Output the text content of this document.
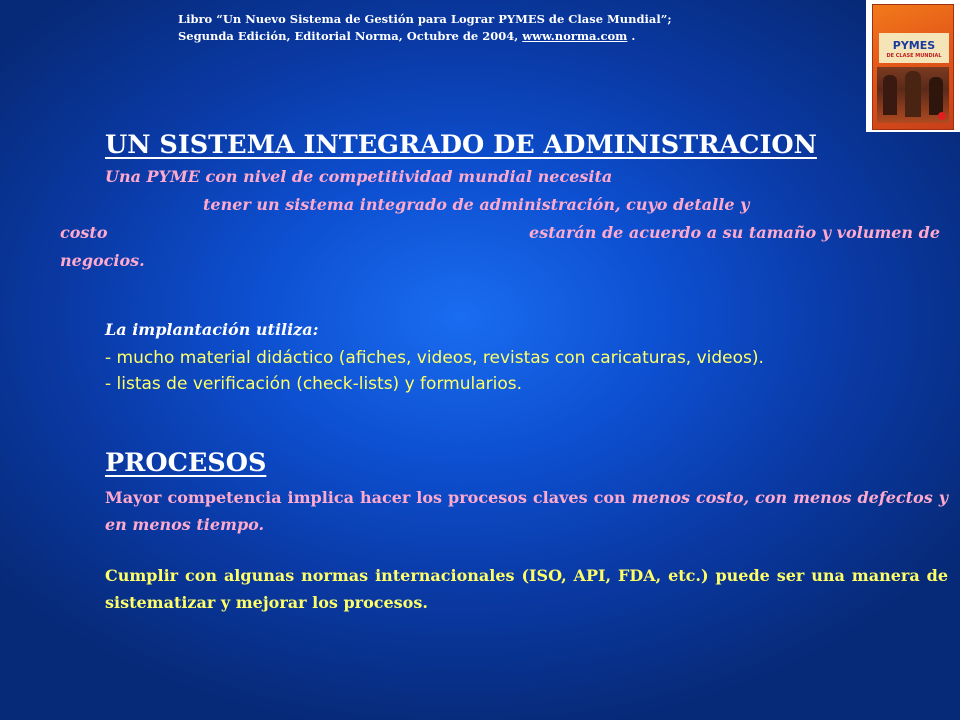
Libro “Un Nuevo Sistema de Gestión para Lograr PYMES de Clase Mundial”;
Segunda Edición, Editorial Norma, Octubre de 2004, www.norma.com .
PYMES
DE CLASE MUNDIAL
UN SISTEMA INTEGRADO DE ADMINISTRACION
Una PYME con nivel de competitividad mundial necesita
tener un sistema integrado de administración, cuyo detalle y
costo	estarán de acuerdo a su tamaño y volumen de
negocios.
La implantación utiliza:
- mucho material didáctico (afiches, videos, revistas con caricaturas, videos).
- listas de verificación (check-lists) y formularios.
PROCESOS
Mayor competencia implica hacer los procesos claves con menos costo, con menos defectos y en menos tiempo.
Cumplir con algunas normas internacionales (ISO, API, FDA, etc.) puede ser una manera de sistematizar y mejorar los procesos.
